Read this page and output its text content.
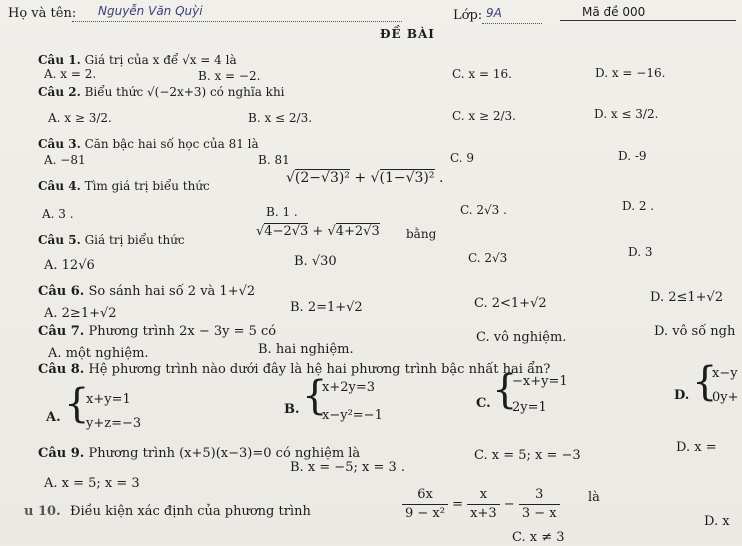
Họ và tên: Nguyễn Văn Quỳi	Lớp: 9A	Mã đề 000
ĐỀ BÀI
Câu 1. Giá trị của x để √x = 4 là
A. x = 2.	B. x = −2.	C. x = 16.	D. x = −16.
Câu 2. Biểu thức √(−2x+3) có nghĩa khi
A. x ≥ 3/2.	B. x ≤ 2/3.	C. x ≥ 2/3.	D. x ≤ 3/2.
Câu 3. Căn bậc hai số học của 81 là
A. −81	B. 81	C. 9	D. -9
Câu 4. Tìm giá trị biểu thức	√(2−√3)² + √(1−√3)² .
A. 3 .	B. 1 .	C. 2√3 .	D. 2 .
Câu 5. Giá trị biểu thức
√4−2√3 + √4+2√3 bằng
A. 12√6	B. √30	C. 2√3	D. 3
Câu 6. So sánh hai số 2 và 1+√2
A. 2≥1+√2	B. 2=1+√2	C. 2<1+√2	D. 2≤1+√2
Câu 7. Phương trình 2x − 3y = 5 có
A. một nghiệm.	B. hai nghiệm.
C. vô nghiệm.	D. vô số ngh
Câu 8. Hệ phương trình nào dưới đây là hệ hai phương trình bậc nhất hai ẩn?
A. {
x+y=1
y+z=−3
B. {
x+2y=3
x−y²=−1
C. {
−x+y=1
2y=1
D. {
x−y
0y+
Câu 9. Phương trình (x+5)(x−3)=0 có nghiệm là
A. x = 5; x = 3
B. x = −5; x = 3 .
C. x = 5; x = −3
D. x =
u 10. Điều kiện xác định của phương trình	$\frac{6x}{\text{9 − x²}} = \frac{x}{x+3} - \frac{3}{3 - x}$ là
C. x ≠ 3
D. x
